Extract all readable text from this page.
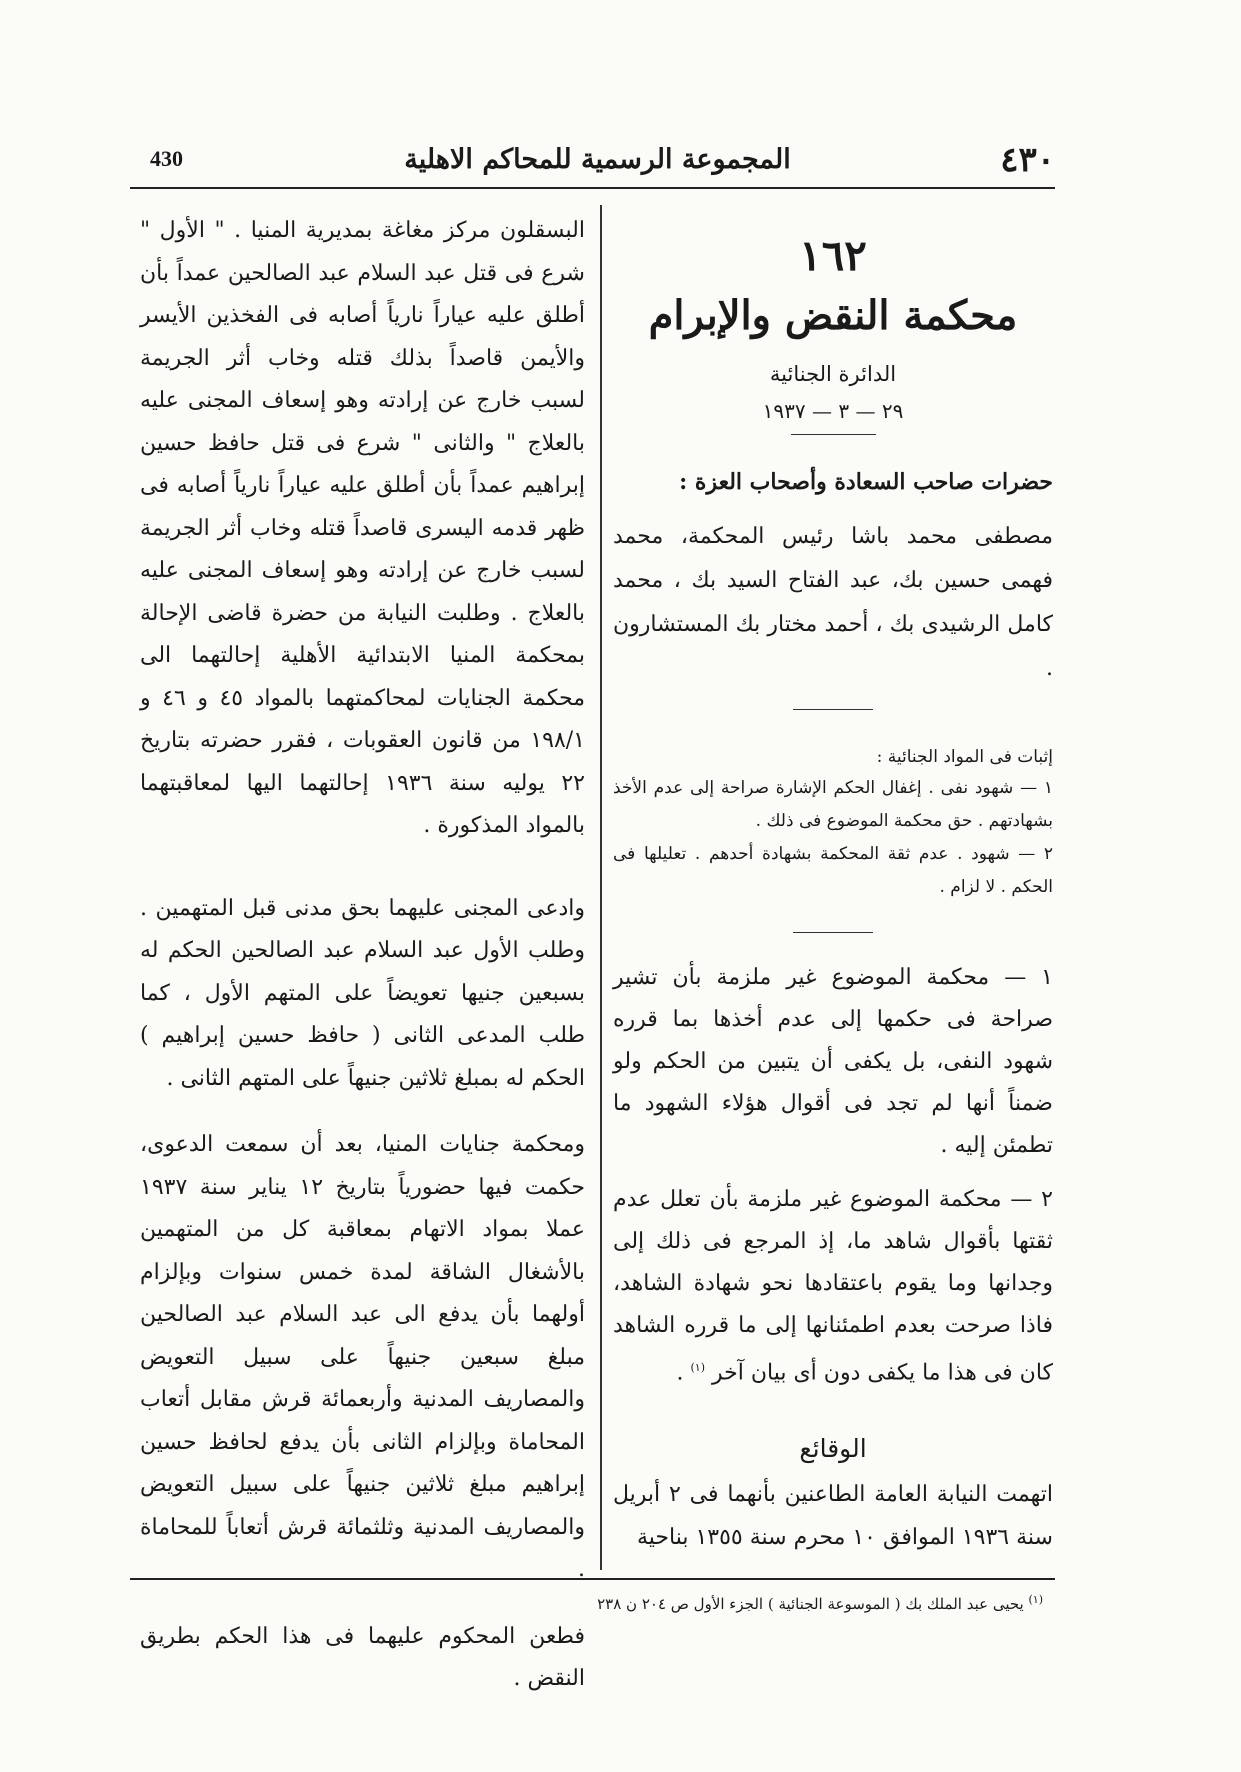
٤٣٠
المجموعة الرسمية للمحاكم الاهلية
430
١٦٢
محكمة النقض والإبرام
الدائرة الجنائية
٢٩ — ٣ — ١٩٣٧
حضرات صاحب السعادة وأصحاب العزة :
مصطفى محمد باشا رئيس المحكمة، محمد فهمى حسين بك، عبد الفتاح السيد بك ، محمد كامل الرشيدى بك ، أحمد مختار بك المستشارون .
إثبات فى المواد الجنائية :
١ — شهود نفى . إغفال الحكم الإشارة صراحة إلى عدم الأخذ بشهادتهم . حق محكمة الموضوع فى ذلك .
٢ — شهود . عدم ثقة المحكمة بشهادة أحدهم . تعليلها فى الحكم . لا لزام .
١ — محكمة الموضوع غير ملزمة بأن تشير صراحة فى حكمها إلى عدم أخذها بما قرره شهود النفى، بل يكفى أن يتبين من الحكم ولو ضمناً أنها لم تجد فى أقوال هؤلاء الشهود ما تطمئن إليه .
٢ — محكمة الموضوع غير ملزمة بأن تعلل عدم ثقتها بأقوال شاهد ما، إذ المرجع فى ذلك إلى وجدانها وما يقوم باعتقادها نحو شهادة الشاهد، فاذا صرحت بعدم اطمئنانها إلى ما قرره الشاهد كان فى هذا ما يكفى دون أى بيان آخر $^{(١)}$ .
الوقائع
اتهمت النيابة العامة الطاعنين بأنهما فى ٢ أبريل سنة ١٩٣٦ الموافق ١٠ محرم سنة ١٣٥٥ بناحية
البسقلون مركز مغاغة بمديرية المنيا . " الأول " شرع فى قتل عبد السلام عبد الصالحين عمداً بأن أطلق عليه عياراً نارياً أصابه فى الفخذين الأيسر والأيمن قاصداً بذلك قتله وخاب أثر الجريمة لسبب خارج عن إرادته وهو إسعاف المجنى عليه بالعلاج " والثانى " شرع فى قتل حافظ حسين إبراهيم عمداً بأن أطلق عليه عياراً نارياً أصابه فى ظهر قدمه اليسرى قاصداً قتله وخاب أثر الجريمة لسبب خارج عن إرادته وهو إسعاف المجنى عليه بالعلاج . وطلبت النيابة من حضرة قاضى الإحالة بمحكمة المنيا الابتدائية الأهلية إحالتهما الى محكمة الجنايات لمحاكمتهما بالمواد ٤٥ و ٤٦ و ١٩٨/١ من قانون العقوبات ، فقرر حضرته بتاريخ ٢٢ يوليه سنة ١٩٣٦ إحالتهما اليها لمعاقبتهما بالمواد المذكورة .
وادعى المجنى عليهما بحق مدنى قبل المتهمين . وطلب الأول عبد السلام عبد الصالحين الحكم له بسبعين جنيها تعويضاً على المتهم الأول ، كما طلب المدعى الثانى ( حافظ حسين إبراهيم ) الحكم له بمبلغ ثلاثين جنيهاً على المتهم الثانى .
ومحكمة جنايات المنيا، بعد أن سمعت الدعوى، حكمت فيها حضورياً بتاريخ ١٢ يناير سنة ١٩٣٧ عملا بمواد الاتهام بمعاقبة كل من المتهمين بالأشغال الشاقة لمدة خمس سنوات وبإلزام أولهما بأن يدفع الى عبد السلام عبد الصالحين مبلغ سبعين جنيهاً على سبيل التعويض والمصاريف المدنية وأربعمائة قرش مقابل أتعاب المحاماة وبإلزام الثانى بأن يدفع لحافظ حسين إبراهيم مبلغ ثلاثين جنيهاً على سبيل التعويض والمصاريف المدنية وثلثمائة قرش أتعاباً للمحاماة .
فطعن المحكوم عليهما فى هذا الحكم بطريق النقض .
$^{(١)}$ يحيى عبد الملك بك ( الموسوعة الجنائية ) الجزء الأول ص ٢٠٤ ن ٢٣٨
